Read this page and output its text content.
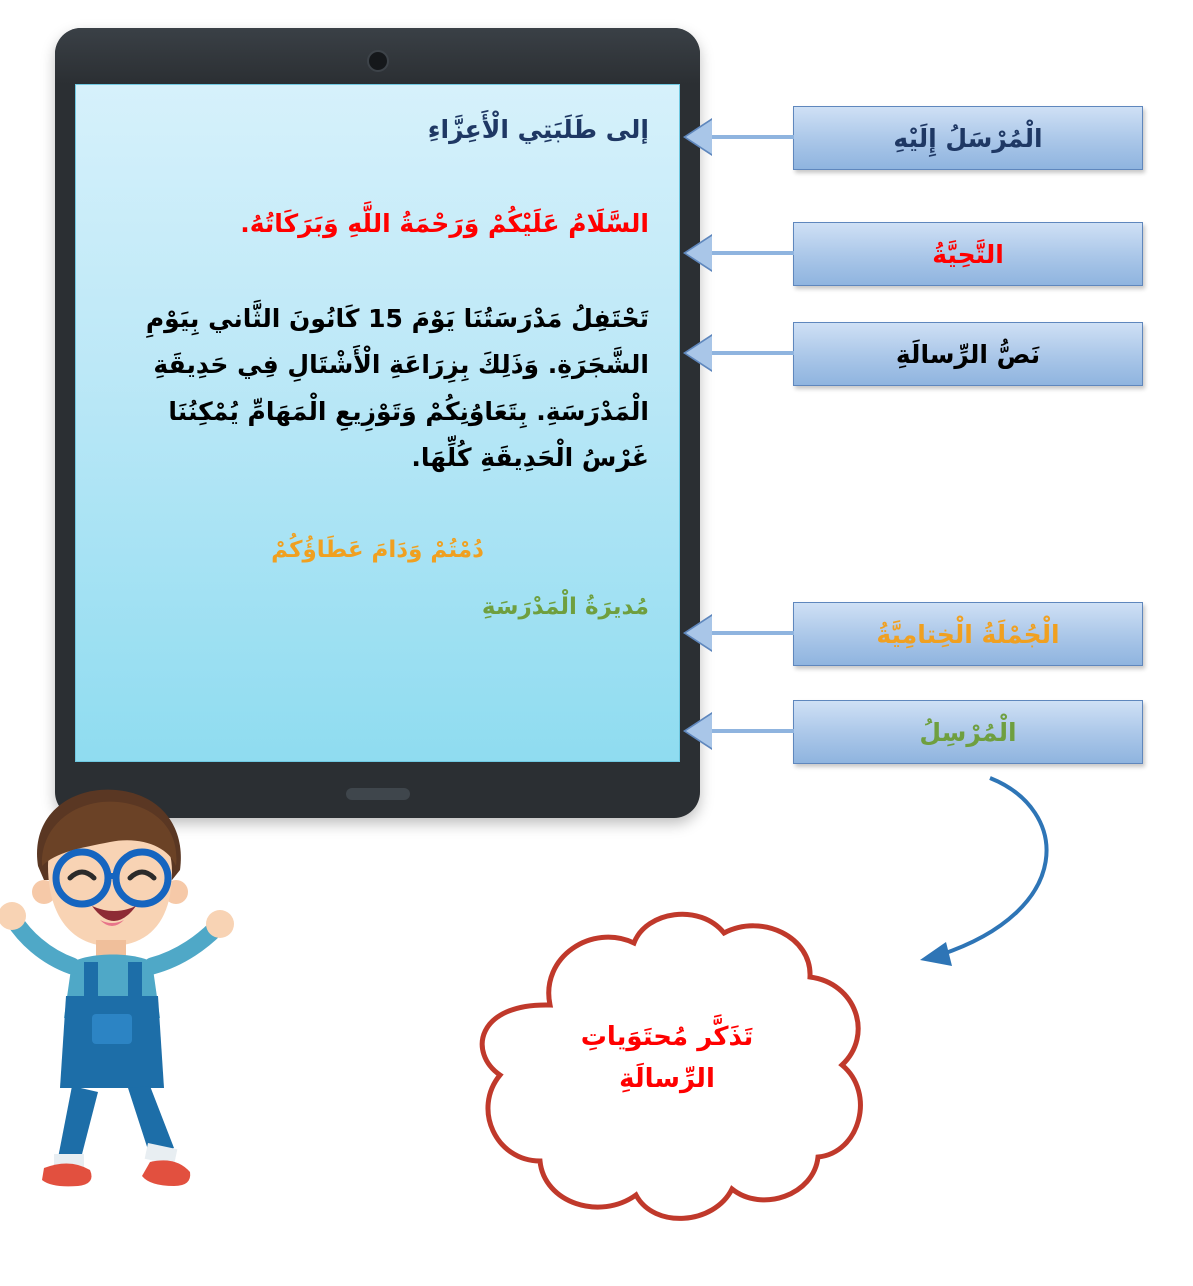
إلى طَلَبَتِي الْأَعِزَّاءِ
السَّلَامُ عَلَيْكُمْ وَرَحْمَةُ اللَّهِ وَبَرَكَاتُهُ.
تَحْتَفِلُ مَدْرَسَتُنَا يَوْمَ 15 كَانُونَ الثَّاني بِيَوْمِ الشَّجَرَةِ. وَذَلِكَ بِزِرَاعَةِ الْأَشْتَالِ فِي حَدِيقَةِ الْمَدْرَسَةِ. بِتَعَاوُنِكُمْ وَتَوْزِيعِ الْمَهَامِّ يُمْكِنُنَا غَرْسُ الْحَدِيقَةِ كُلِّهَا.
دُمْتُمْ وَدَامَ عَطَاؤُكُمْ
مُديرَةُ الْمَدْرَسَةِ
الْمُرْسَلُ إِلَيْهِ
التَّحِيَّةُ
نَصُّ الرِّسالَةِ
الْجُمْلَةُ الْخِتامِيَّةُ
الْمُرْسِلُ
تَذَكَّر مُحتَوَياتِ
الرِّسالَةِ
